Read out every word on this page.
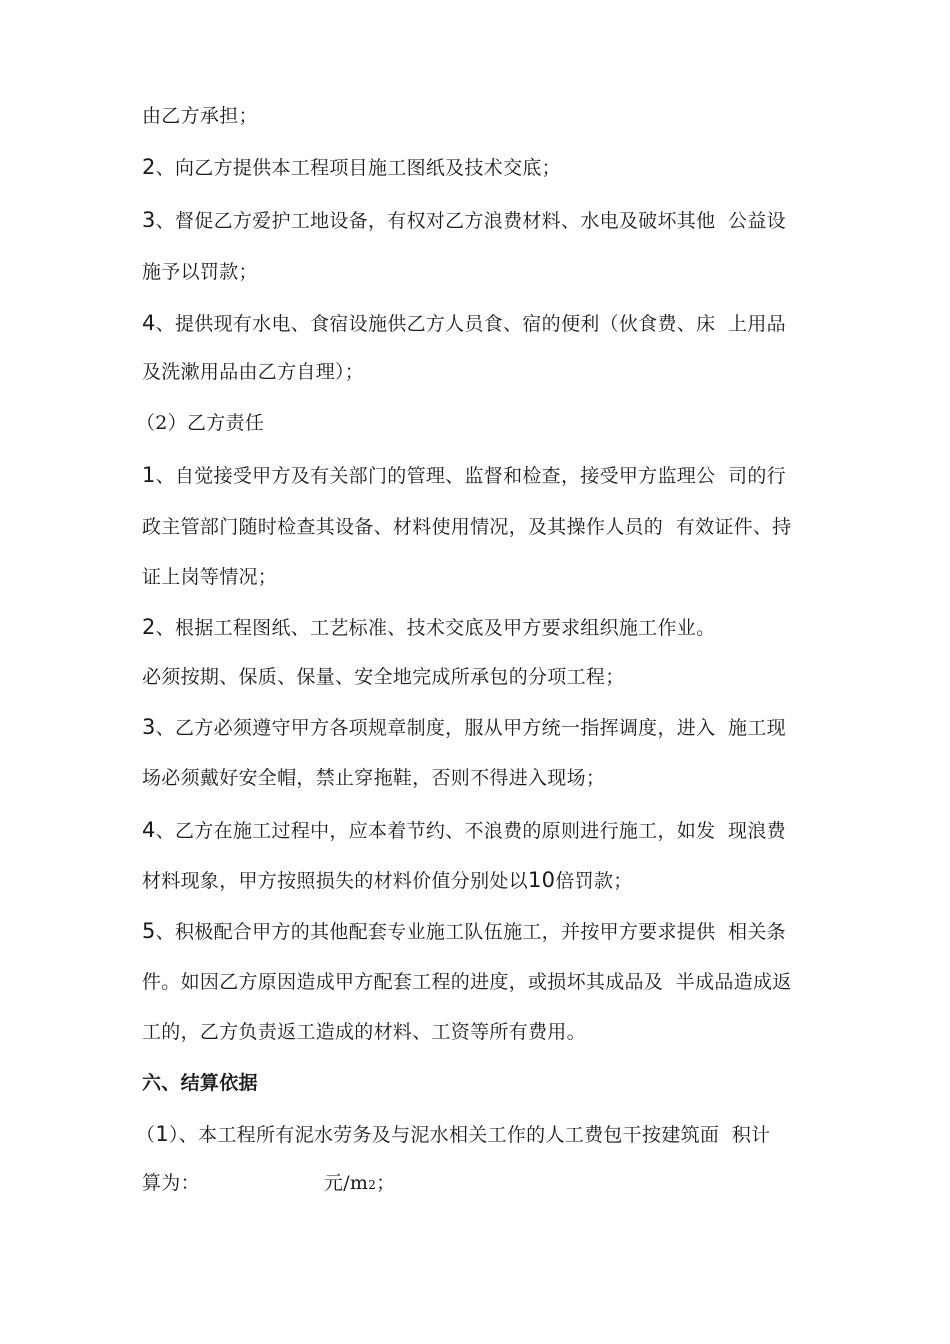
由乙方承担；
2、向乙方提供本工程项目施工图纸及技术交底；
3、督促乙方爱护工地设备，有权对乙方浪费材料、水电及破坏其他  公益设
施予以罚款；
4、提供现有水电、食宿设施供乙方人员食、宿的便利（伙食费、床  上用品
及洗漱用品由乙方自理）；
（2）乙方责任
1、自觉接受甲方及有关部门的管理、监督和检查，接受甲方监理公  司的行
政主管部门随时检查其设备、材料使用情况，及其操作人员的  有效证件、持
证上岗等情况；
2、根据工程图纸、工艺标准、技术交底及甲方要求组织施工作业。
必须按期、保质、保量、安全地完成所承包的分项工程；
3、乙方必须遵守甲方各项规章制度，服从甲方统一指挥调度，进入  施工现
场必须戴好安全帽，禁止穿拖鞋，否则不得进入现场；
4、乙方在施工过程中，应本着节约、不浪费的原则进行施工，如发  现浪费
材料现象，甲方按照损失的材料价值分别处以10倍罚款；
5、积极配合甲方的其他配套专业施工队伍施工，并按甲方要求提供  相关条
件。如因乙方原因造成甲方配套工程的进度，或损坏其成品及  半成品造成返
工的，乙方负责返工造成的材料、工资等所有费用。
六、结算依据
（1）、本工程所有泥水劳务及与泥水相关工作的人工费包干按建筑面  积计
算为：	元/m2；
